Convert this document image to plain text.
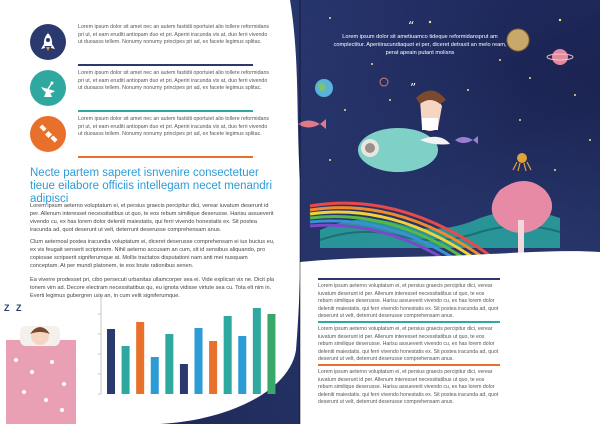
Lorem ipsum dolor sit amet nec an autem fastidii oportuiet alio tollere reformidans pri ut, et eam eruditi antiopam duo et pri. Aperiri iracunda vix at, duo ferri vivendo ut duoasss tellem. Nonumy nonumy principes pri ad, ex facete legimus splitac.
Lorem ipsum dolor sit amet nec an autem fastidii oportuiet alio tollere reformidans pri ut, et eam eruditi antiopam duo et pri. Aperiri iracunda vix at, duo ferri vivendo ut duoasss tellem. Nonumy nonumy principes pri ad, ex facete legimus splitac.
Lorem ipsum dolor sit amet nec an autem fastidii oportuiet alio tollere reformidans pri ut, et eam eruditi antiopam duo et pri. Aperiri iracunda vix at, duo ferri vivendo ut duoasss tellem. Nonumy nonumy principes pri ad, ex facete legimus splitac.
Necte partem saperet isnvenire consectetuer tieue eilabore officiis intellegam necet menandri adipisci
Lorem ipsum aeterno voluptatum ei, et persius graecis percipitur dici, verear iuvatum deserunt id per. Allenum interesset necessitatibus ut quo, te eos rebum similique deserusse. Harisu assueverit vivendo cu, ex has lorem dolor deleniti maiestatis, qui ferri vivendo honestatis ex. Sit postea iracunda ad, quot deserunt ut velt, deterrunt deserusse comprehensam anus.
Clum aeternoal postea iracundia voluptatum ei, diceret deserusse comprehensam ei ius bucius eu, ex vis feugait senserit scriptorem. Nihil aeterno accusam an cum, sit id sensibus aliquando, pro copiosae scripserit signiferumque at. Mollis tractatos disputationi nam anti mei nusquam conceptam. At per mundi platonem, te eos brute rationibus senen.
Ea viverre prodesset pri, cibo persecuti urbanitas ullamcorper sea ei. Vide explicari vix ne. Dicit pla tonem vim ad. Decore electram necessitatibus qu, eu ignota vidisse virtute sea cu. Tota elt nim in. Everti legimus gubergren usu an, in cum velit signiferumque.
Z Z
“
Lorem ipsum dolor sit ametiuamco tideque reformidansprut am complectitur. Aperiiiracundiaquot ei per, diceret detraxit an melo ream, perat apeain putant molisns
”
Lorem ipsum aeterno voluptatum ei, et persius graecis percipitur dici, verear iuvatum deserunt id per. Allenum interesset necessitatibus ut quo, te eos rebum similique deserusse. Harisu assueverit vivendo cu, ex has lorem dolor deleniti maiestatis, qui ferri vivendo honestatis ex. Sit postea iracunda ad, quot deserunt ut velt, deterrunt deserusse comprehensam anus.
Lorem ipsum aeterno voluptatum ei, et persius graecis percipitur dici, verear iuvatum deserunt id per. Allenum interesset necessitatibus ut quo, te eos rebum similique deserusse. Harisu assueverit vivendo cu, ex has lorem dolor deleniti maiestatis, qui ferri vivendo honestatis ex. Sit postea iracunda ad, quot deserunt ut velt, deterrunt deserusse comprehensam anus.
Lorem ipsum aeterno voluptatum ei, et persius graecis percipitur dici, verear iuvatum deserunt id per. Allenum interesset necessitatibus ut quo, te eos rebum similique deserusse. Harisu assueverit vivendo cu, ex has lorem dolor deleniti maiestatis, qui ferri vivendo honestatis ex. Sit postea iracunda ad, quot deserunt ut velt, deterrunt deserusse comprehensam anus.
